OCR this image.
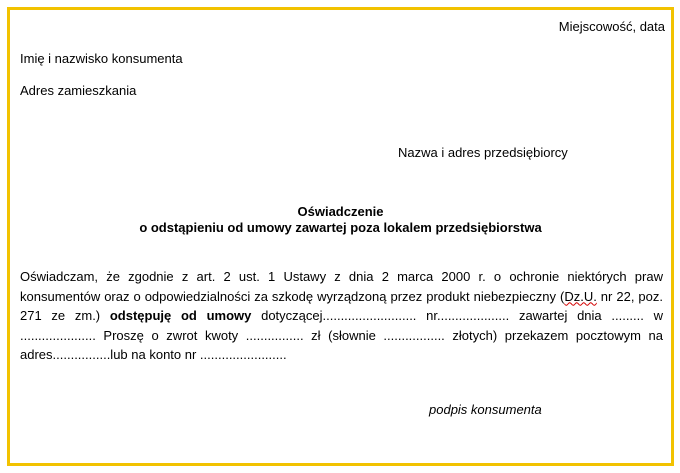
Miejscowość, data
Imię i nazwisko konsumenta
Adres zamieszkania
Nazwa i adres przedsiębiorcy
Oświadczenie
o odstąpieniu od umowy zawartej poza lokalem przedsiębiorstwa

Oświadczam, że zgodnie z art. 2 ust. 1 Ustawy z dnia 2 marca 2000 r. o ochronie niektórych praw konsumentów oraz o odpowiedzialności za szkodę wyrządzoną przez produkt niebezpieczny (Dz.U. nr 22, poz. 271 ze zm.) odstępuję od umowy dotyczącej.......................... nr.................... zawartej dnia ......... w ..................... Proszę o zwrot kwoty ................ zł (słownie ................. złotych) przekazem pocztowym na adres................lub na konto nr ........................

podpis konsumenta
